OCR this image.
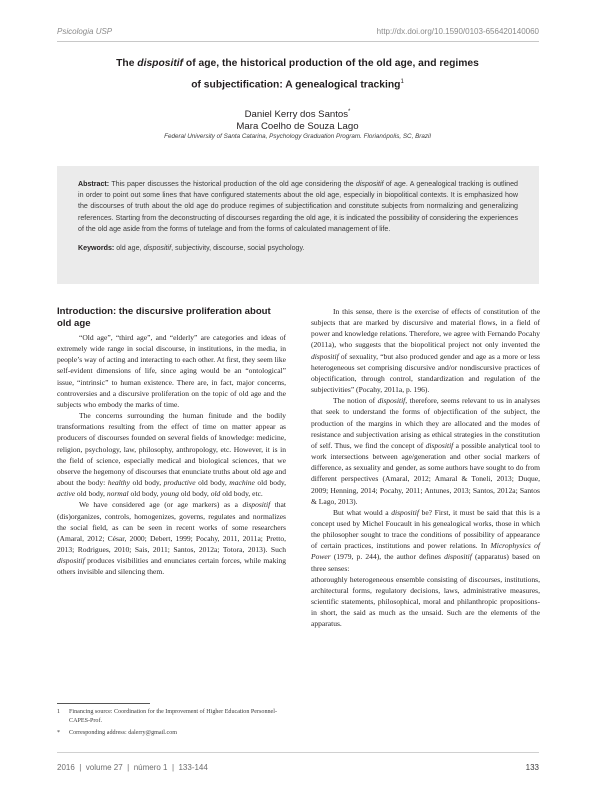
Psicologia USP	http://dx.doi.org/10.1590/0103-656420140060
The dispositif of age, the historical production of the old age, and regimes
of subjectification: A genealogical tracking$^1$
Daniel Kerry dos Santos*
Mara Coelho de Souza Lago
Federal University of Santa Catarina, Psychology Graduation Program. Florianópolis, SC, Brazil

Abstract: This paper discusses the historical production of the old age considering the dispositif of age. A genealogical tracking is outlined in order to point out some lines that have configured statements about the old age, especially in biopolitical contexts. It is emphasized how the discourses of truth about the old age do produce regimes of subjectification and constitute subjects from normalizing and generalizing references. Starting from the deconstructing of discourses regarding the old age, it is indicated the possibility of considering the experiences of the old age aside from the forms of tutelage and from the forms of calculated management of life.

Keywords: old age, dispositif, subjectivity, discourse, social psychology.

Introduction: the discursive proliferation about old age

“Old age”, “third age”, and “elderly” are categories and ideas of extremely wide range in social discourse, in institutions, in the media, in people’s way of acting and interacting to each other. At first, they seem like self-evident dimensions of life, since aging would be an “ontological” issue, “intrinsic” to human existence. There are, in fact, major concerns, controversies and a discursive proliferation on the topic of old age and the subjects who embody the marks of time.

The concerns surrounding the human finitude and the bodily transformations resulting from the effect of time on matter appear as producers of discourses founded on several fields of knowledge: medicine, religion, psychology, law, philosophy, anthropology, etc. However, it is in the field of science, especially medical and biological sciences, that we observe the hegemony of discourses that enunciate truths about old age and about the body: healthy old body, productive old body, machine old body, active old body, normal old body, young old body, old old body, etc.

We have considered age (or age markers) as a dispositif that (dis)organizes, controls, homogenizes, governs, regulates and normalizes the social field, as can be seen in recent works of some researchers (Amaral, 2012; César, 2000; Debert, 1999; Pocahy, 2011, 2011a; Pretto, 2013; Rodrigues, 2010; Sais, 2011; Santos, 2012a; Totora, 2013). Such dispositif produces visibilities and enunciates certain forces, while making others invisible and silencing them.

In this sense, there is the exercise of effects of constitution of the subjects that are marked by discursive and material flows, in a field of power and knowledge relations. Therefore, we agree with Fernando Pocahy (2011a), who suggests that the biopolitical project not only invented the dispositif of sexuality, “but also produced gender and age as a more or less heterogeneous set comprising discursive and/or nondiscursive practices of objectification, through control, standardization and regulation of the subjectivities” (Pocahy, 2011a, p. 196).

The notion of dispositif, therefore, seems relevant to us in analyses that seek to understand the forms of objectification of the subject, the production of the margins in which they are allocated and the modes of resistance and subjectivation arising as ethical strategies in the constitution of self. Thus, we find the concept of dispositif a possible analytical tool to work intersections between age/generation and other social markers of difference, as sexuality and gender, as some authors have sought to do from different perspectives (Amaral, 2012; Amaral & Toneli, 2013; Duque, 2009; Henning, 2014; Pocahy, 2011; Antunes, 2013; Santos, 2012a; Santos & Lago, 2013).

But what would a dispositif be? First, it must be said that this is a concept used by Michel Foucault in his genealogical works, those in which the philosopher sought to trace the conditions of possibility of appearance of certain practices, institutions and power relations. In Microphysics of Power (1979, p. 244), the author defines dispositif (apparatus) based on three senses:

athoroughly heterogeneous ensemble consisting of discourses, institutions, architectural forms, regulatory decisions, laws, administrative measures, scientific statements, philosophical, moral and philanthropic propositions-in short, the said as much as the unsaid. Such are the elements of the apparatus.

1 Financing source: Coordination for the Improvement of Higher Education Personnel- CAPES-Prof.
* Corresponding address: dalerry@gmail.com
2016 | volume 27 | número 1 | 133-144	133
